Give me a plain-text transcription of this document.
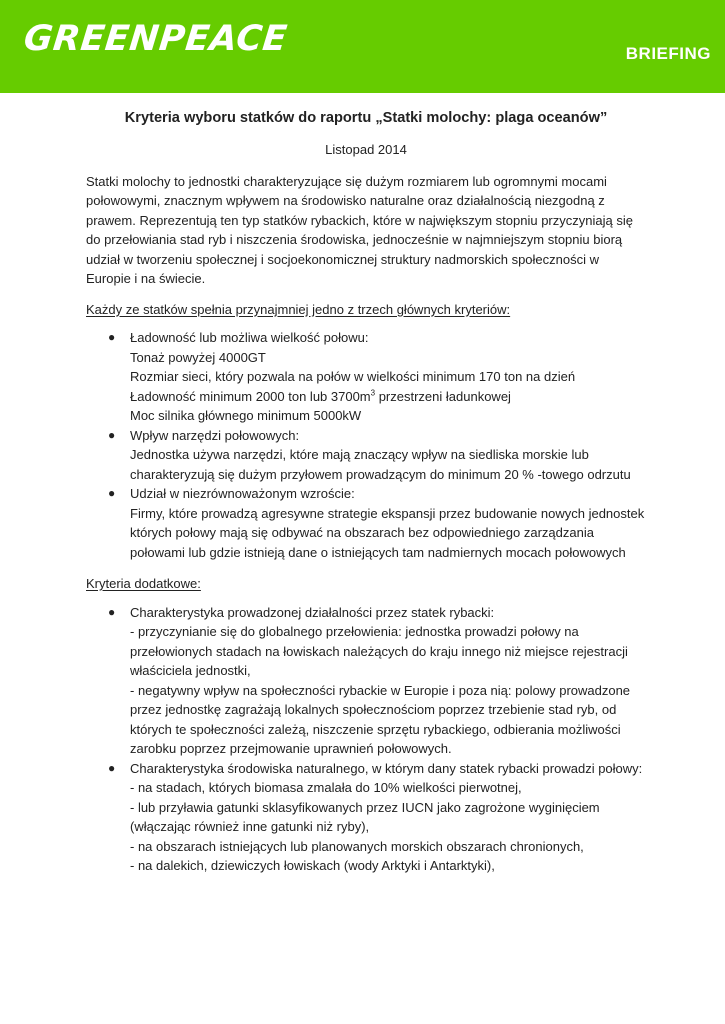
GREENPEACE	BRIEFING
Kryteria wyboru statków do raportu „Statki molochy: plaga oceanów”
Listopad 2014
Statki molochy to jednostki charakteryzujące się dużym rozmiarem lub ogromnymi mocami połowowymi, znacznym wpływem na środowisko naturalne oraz działalnością niezgodną z prawem. Reprezentują ten typ statków rybackich, które w największym stopniu przyczyniają się do przełowiania stad ryb i niszczenia środowiska, jednocześnie w najmniejszym stopniu biorą udział w tworzeniu społecznej i socjoekonomicznej struktury nadmorskich społeczności w Europie i na świecie.
Każdy ze statków spełnia przynajmniej jedno z trzech głównych kryteriów:
● Ładowność lub możliwa wielkość połowu:
Tonaż powyżej 4000GT
Rozmiar sieci, który pozwala na połów w wielkości minimum 170 ton na dzień
Ładowność minimum 2000 ton lub $3700m^3$ przestrzeni ładunkowej
Moc silnika głównego minimum 5000kW
● Wpływ narzędzi połowowych:
Jednostka używa narzędzi, które mają znaczący wpływ na siedliska morskie lub charakteryzują się dużym przyłowem prowadzącym do minimum 20 % -towego odrzutu
● Udział w niezrównoważonym wzroście:
Firmy, które prowadzą agresywne strategie ekspansji przez budowanie nowych jednostek których połowy mają się odbywać na obszarach bez odpowiedniego zarządzania połowami lub gdzie istnieją dane o istniejących tam nadmiernych mocach połowowych
Kryteria dodatkowe:
● Charakterystyka prowadzonej działalności przez statek rybacki:
- przyczynianie się do globalnego przełowienia: jednostka prowadzi połowy na przełowionych stadach na łowiskach należących do kraju innego niż miejsce rejestracji właściciela jednostki,
- negatywny wpływ na społeczności rybackie w Europie i poza nią: polowy prowadzone przez jednostkę zagrażają lokalnych społecznościom poprzez trzebienie stad ryb, od których te społeczności zależą, niszczenie sprzętu rybackiego, odbierania możliwości zarobku poprzez przejmowanie uprawnień połowowych.
● Charakterystyka środowiska naturalnego, w którym dany statek rybacki prowadzi połowy:
- na stadach, których biomasa zmalała do 10% wielkości pierwotnej,
- lub przyławia gatunki sklasyfikowanych przez IUCN jako zagrożone wyginięciem (włączając również inne gatunki niż ryby),
- na obszarach istniejących lub planowanych morskich obszarach chronionych,
- na dalekich, dziewiczych łowiskach (wody Arktyki i Antarktyki),
